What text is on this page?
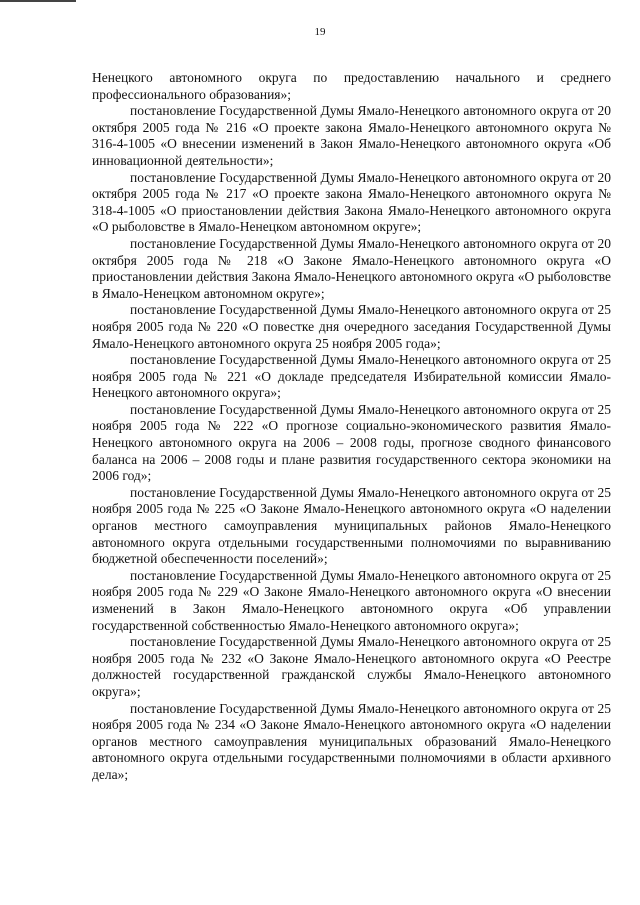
19

Ненецкого автономного округа по предоставлению начального и среднего профессионального образования»;

постановление Государственной Думы Ямало-Ненецкого автономного округа от 20 октября 2005 года № 216 «О проекте закона Ямало-Ненецкого автономного округа № 316-4-1005 «О внесении изменений в Закон Ямало-Ненецкого автономного округа «Об инновационной деятельности»;

постановление Государственной Думы Ямало-Ненецкого автономного округа от 20 октября 2005 года № 217 «О проекте закона Ямало-Ненецкого автономного округа № 318-4-1005 «О приостановлении действия Закона Ямало-Ненецкого автономного округа «О рыболовстве в Ямало-Ненецком автономном округе»;

постановление Государственной Думы Ямало-Ненецкого автономного округа от 20 октября 2005 года № 218 «О Законе Ямало-Ненецкого автономного округа «О приостановлении действия Закона Ямало-Ненецкого автономного округа «О рыболовстве в Ямало-Ненецком автономном округе»;

постановление Государственной Думы Ямало-Ненецкого автономного округа от 25 ноября 2005 года № 220 «О повестке дня очередного заседания Государственной Думы Ямало-Ненецкого автономного округа 25 ноября 2005 года»;

постановление Государственной Думы Ямало-Ненецкого автономного округа от 25 ноября 2005 года № 221 «О докладе председателя Избирательной комиссии Ямало-Ненецкого автономного округа»;

постановление Государственной Думы Ямало-Ненецкого автономного округа от 25 ноября 2005 года № 222 «О прогнозе социально-экономического развития Ямало-Ненецкого автономного округа на 2006 – 2008 годы, прогнозе сводного финансового баланса на 2006 – 2008 годы и плане развития государственного сектора экономики на 2006 год»;

постановление Государственной Думы Ямало-Ненецкого автономного округа от 25 ноября 2005 года № 225 «О Законе Ямало-Ненецкого автономного округа «О наделении органов местного самоуправления муниципальных районов Ямало-Ненецкого автономного округа отдельными государственными полномочиями по выравниванию бюджетной обеспеченности поселений»;

постановление Государственной Думы Ямало-Ненецкого автономного округа от 25 ноября 2005 года № 229 «О Законе Ямало-Ненецкого автономного округа «О внесении изменений в Закон Ямало-Ненецкого автономного округа «Об управлении государственной собственностью Ямало-Ненецкого автономного округа»;

постановление Государственной Думы Ямало-Ненецкого автономного округа от 25 ноября 2005 года № 232 «О Законе Ямало-Ненецкого автономного округа «О Реестре должностей государственной гражданской службы Ямало-Ненецкого автономного округа»;

постановление Государственной Думы Ямало-Ненецкого автономного округа от 25 ноября 2005 года № 234 «О Законе Ямало-Ненецкого автономного округа «О наделении органов местного самоуправления муниципальных образований Ямало-Ненецкого автономного округа отдельными государственными полномочиями в области архивного дела»;
